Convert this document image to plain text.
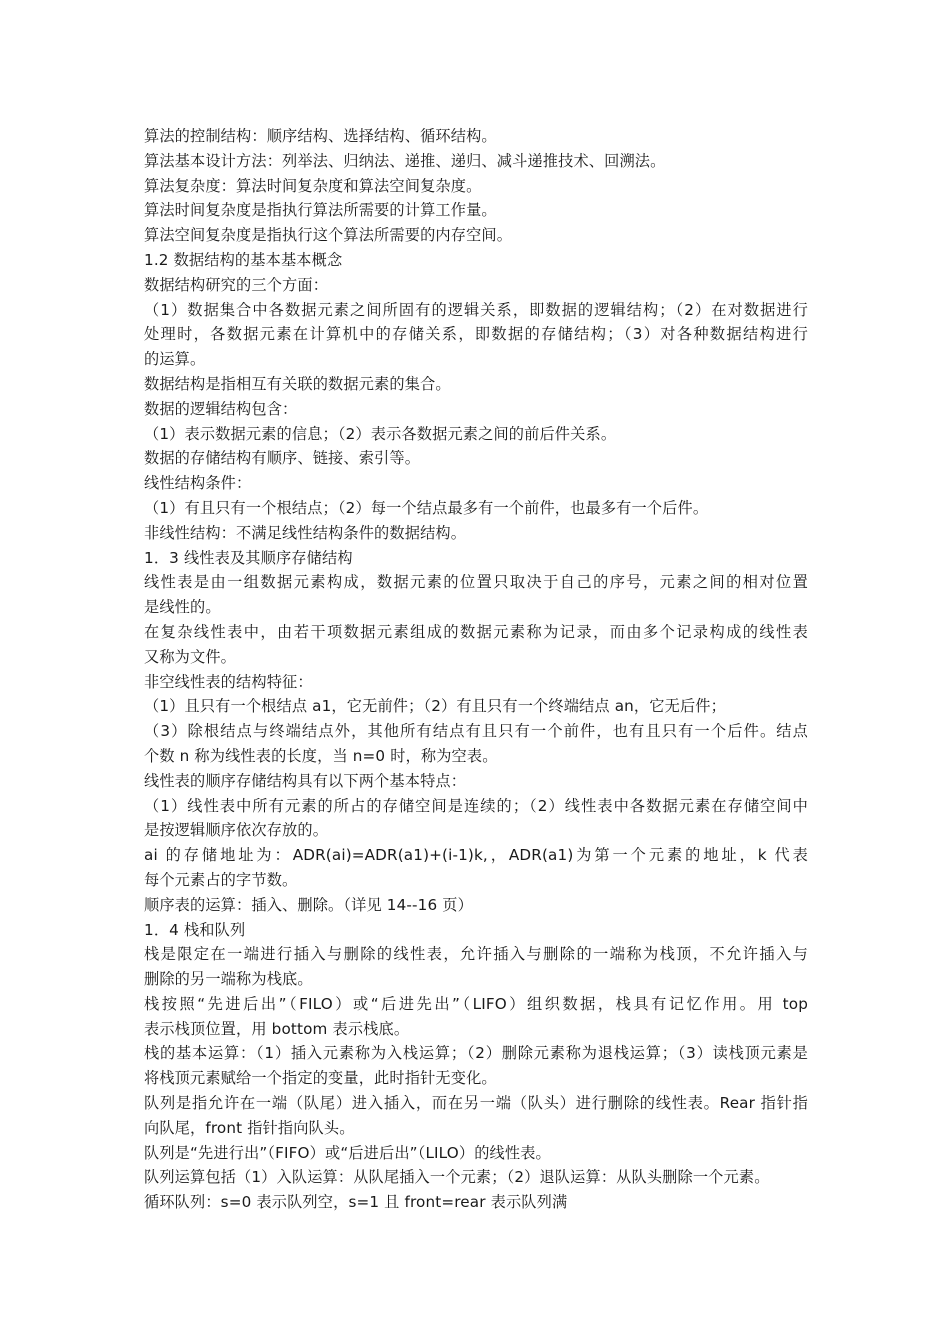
算法的控制结构：顺序结构、选择结构、循环结构。
算法基本设计方法：列举法、归纳法、递推、递归、减斗递推技术、回溯法。
算法复杂度：算法时间复杂度和算法空间复杂度。
算法时间复杂度是指执行算法所需要的计算工作量。
算法空间复杂度是指执行这个算法所需要的内存空间。
1.2 数据结构的基本基本概念
数据结构研究的三个方面：
（1）数据集合中各数据元素之间所固有的逻辑关系，即数据的逻辑结构；（2）在对数据进行
处理时，各数据元素在计算机中的存储关系，即数据的存储结构；（3）对各种数据结构进行
的运算。
数据结构是指相互有关联的数据元素的集合。
数据的逻辑结构包含：
（1）表示数据元素的信息；（2）表示各数据元素之间的前后件关系。
数据的存储结构有顺序、链接、索引等。
线性结构条件：
（1）有且只有一个根结点；（2）每一个结点最多有一个前件，也最多有一个后件。
非线性结构：不满足线性结构条件的数据结构。
1．3 线性表及其顺序存储结构
线性表是由一组数据元素构成，数据元素的位置只取决于自己的序号，元素之间的相对位置
是线性的。
在复杂线性表中，由若干项数据元素组成的数据元素称为记录，而由多个记录构成的线性表
又称为文件。
非空线性表的结构特征：
（1）且只有一个根结点 a1，它无前件；（2）有且只有一个终端结点 an，它无后件；
（3）除根结点与终端结点外，其他所有结点有且只有一个前件，也有且只有一个后件。结点
个数 n 称为线性表的长度，当 n=0 时，称为空表。
线性表的顺序存储结构具有以下两个基本特点：
（1）线性表中所有元素的所占的存储空间是连续的；（2）线性表中各数据元素在存储空间中
是按逻辑顺序依次存放的。
ai 的存储地址为：ADR(ai)=ADR(a1)+(i-1)k,，ADR(a1)为第一个元素的地址，k 代表
每个元素占的字节数。
顺序表的运算：插入、删除。（详见 14--16 页）
1．4 栈和队列
栈是限定在一端进行插入与删除的线性表，允许插入与删除的一端称为栈顶，不允许插入与
删除的另一端称为栈底。
栈按照“先进后出”（FILO）或“后进先出”（LIFO）组织数据，栈具有记忆作用。用 top
表示栈顶位置，用 bottom 表示栈底。
栈的基本运算：（1）插入元素称为入栈运算；（2）删除元素称为退栈运算；（3）读栈顶元素是
将栈顶元素赋给一个指定的变量，此时指针无变化。
队列是指允许在一端（队尾）进入插入，而在另一端（队头）进行删除的线性表。Rear 指针指
向队尾，front 指针指向队头。
队列是“先进行出”（FIFO）或“后进后出”（LILO）的线性表。
队列运算包括（1）入队运算：从队尾插入一个元素；（2）退队运算：从队头删除一个元素。
循环队列：s=0 表示队列空，s=1 且 front=rear 表示队列满
